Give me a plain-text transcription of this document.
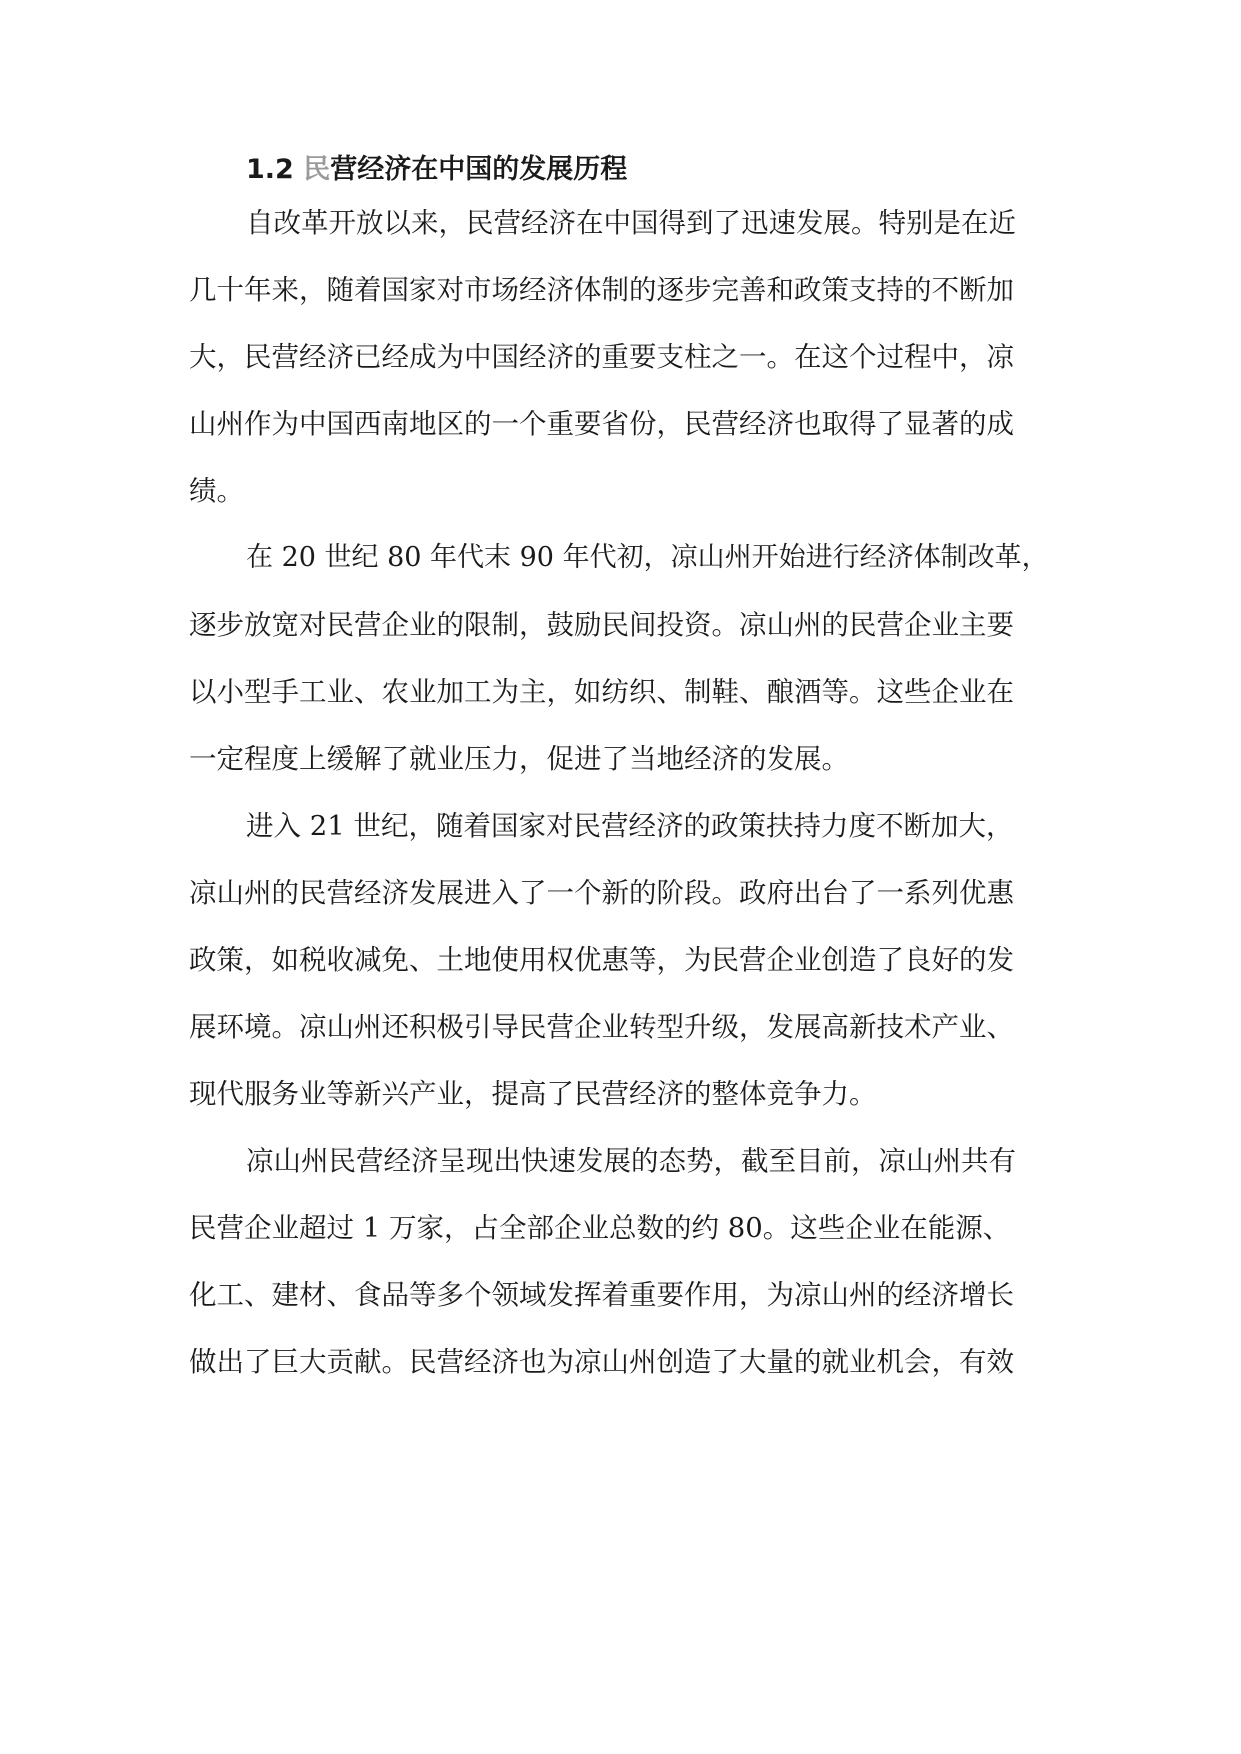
1.2 民营经济在中国的发展历程
自改革开放以来，民营经济在中国得到了迅速发展。特别是在近
几十年来，随着国家对市场经济体制的逐步完善和政策支持的不断加
大，民营经济已经成为中国经济的重要支柱之一。在这个过程中，凉
山州作为中国西南地区的一个重要省份，民营经济也取得了显著的成
绩。
在 20 世纪 80 年代末 90 年代初，凉山州开始进行经济体制改革，
逐步放宽对民营企业的限制，鼓励民间投资。凉山州的民营企业主要
以小型手工业、农业加工为主，如纺织、制鞋、酿酒等。这些企业在
一定程度上缓解了就业压力，促进了当地经济的发展。
进入 21 世纪，随着国家对民营经济的政策扶持力度不断加大，
凉山州的民营经济发展进入了一个新的阶段。政府出台了一系列优惠
政策，如税收减免、土地使用权优惠等，为民营企业创造了良好的发
展环境。凉山州还积极引导民营企业转型升级，发展高新技术产业、
现代服务业等新兴产业，提高了民营经济的整体竞争力。
凉山州民营经济呈现出快速发展的态势，截至目前，凉山州共有
民营企业超过 1 万家，占全部企业总数的约 80。这些企业在能源、
化工、建材、食品等多个领域发挥着重要作用，为凉山州的经济增长
做出了巨大贡献。民营经济也为凉山州创造了大量的就业机会，有效
